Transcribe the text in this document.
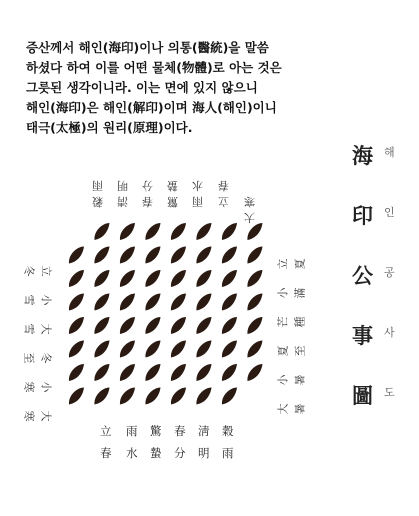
증산께서 해인(海印)이나 의통(醫統)을 말씀
하셨다 하여 이를 어떤 물체(物體)로 아는 것은
그릇된 생각이니라. 이는 면에 있지 않으니
해인(海印)은 해인(解印)이며 海人(해인)이니
태극(太極)의 원리(原理)이다.
海 해
印 인
公 공
事 사
圖 도
穀
雨
淸
明
春
分
驚
蟄
雨
水
立
春
大
寒
立
冬
小
雪
大
雪
冬
至
小
寒
大
寒
立 夏
小 滿
芒 種
夏 至
小 暑
大 暑
立
春
雨
水
驚
蟄
春
分
淸
明
穀
雨
